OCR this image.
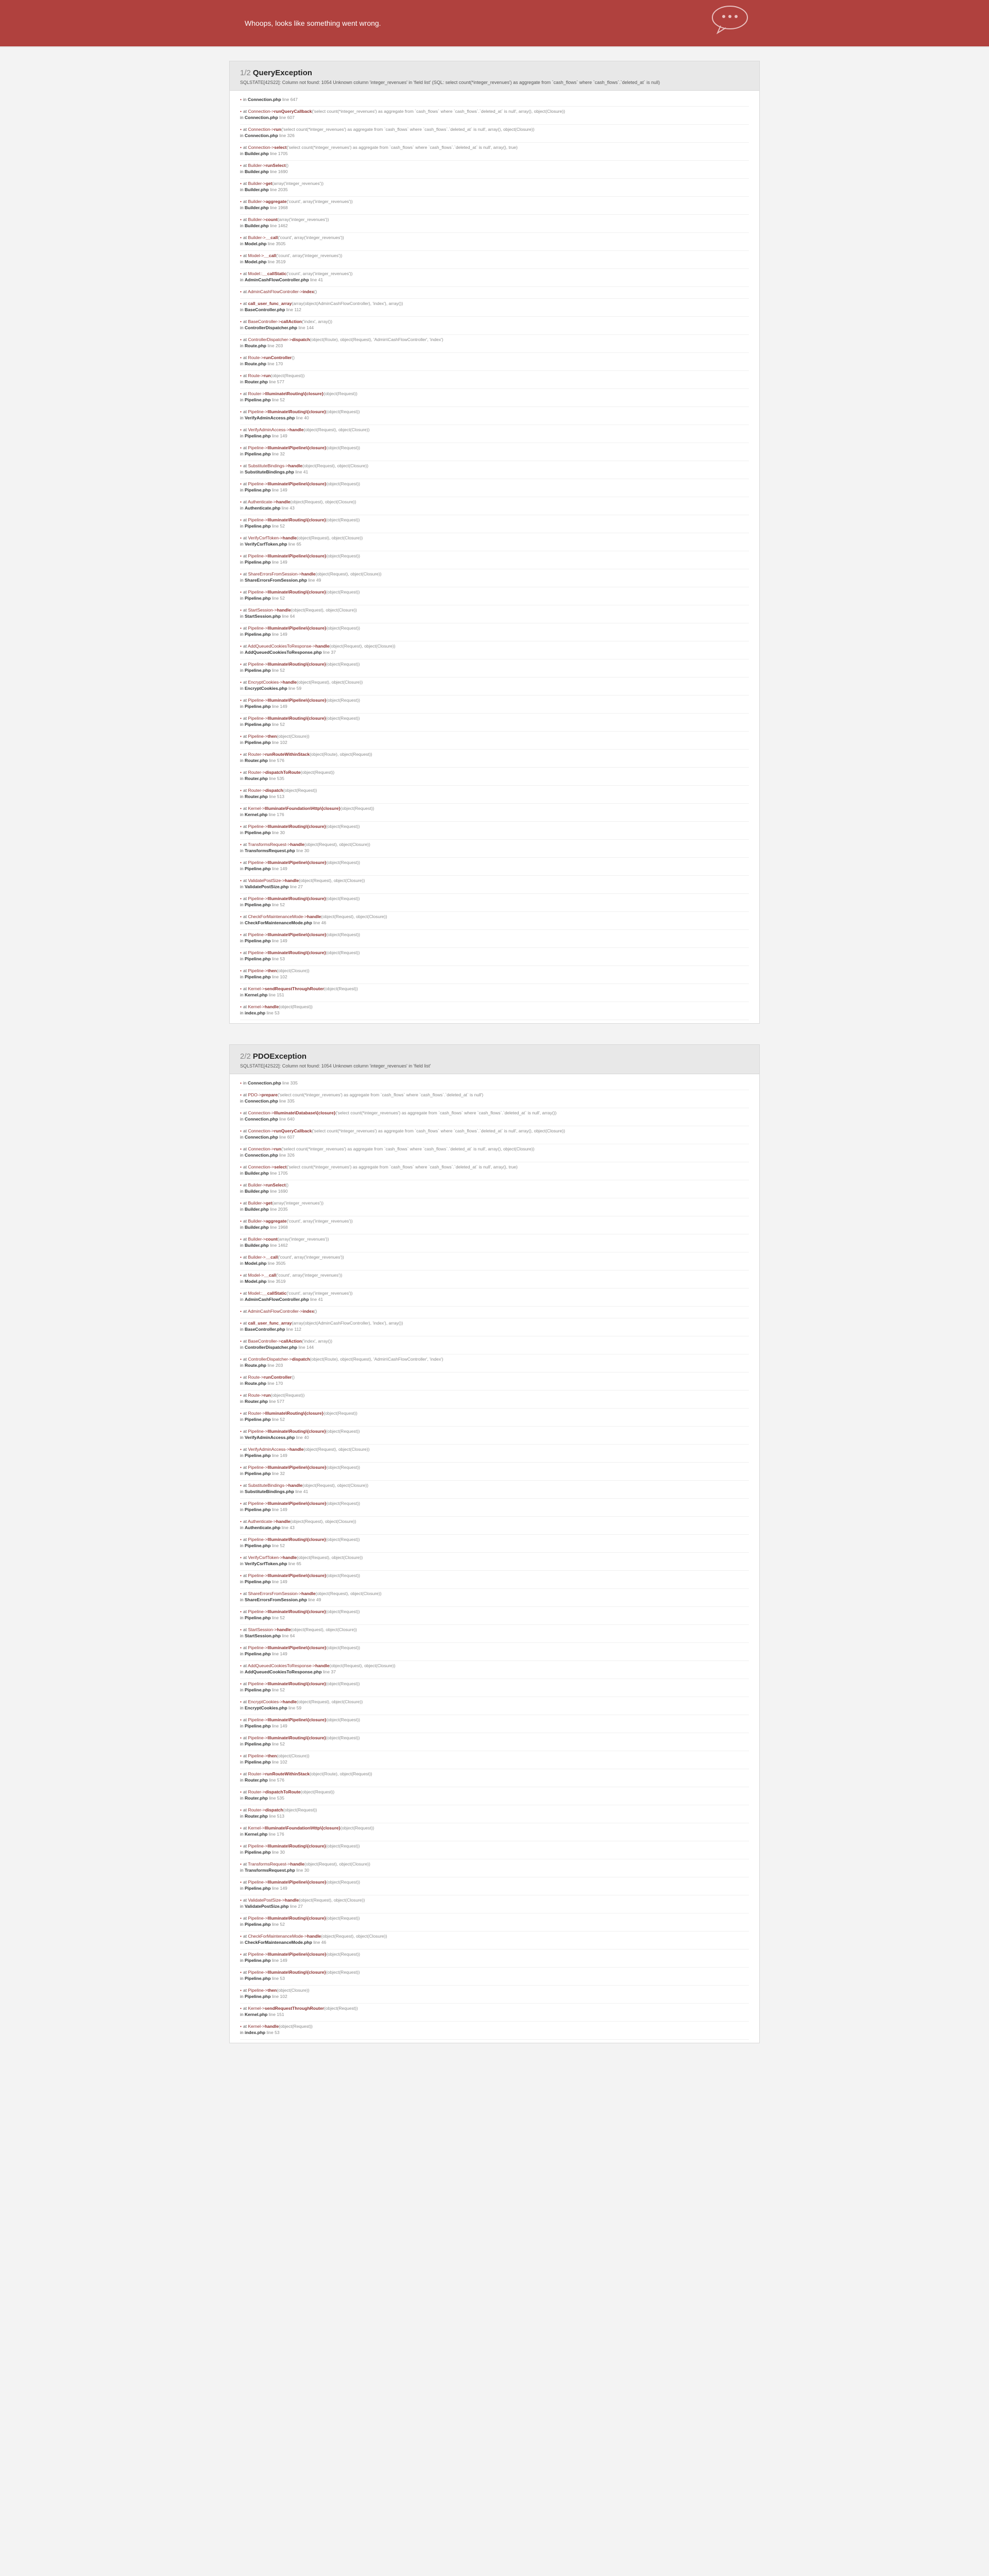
Whoops, looks like something went wrong.
1/2 QueryException

SQLSTATE[42S22]: Column not found: 1054 Unknown column 'integer_revenues' in 'field list' (SQL: select count(*integer_revenues') as aggregate from `cash_flows` where `cash_flows`.`deleted_at` is null)

• in Connection.php line 647
• at Connection->runQueryCallback('select count(*integer_revenues') as aggregate from `cash_flows` where `cash_flows`.`deleted_at` is null', array(), object(Closure))
in Connection.php line 607
• at Connection->run('select count(*integer_revenues') as aggregate from `cash_flows` where `cash_flows`.`deleted_at` is null', array(), object(Closure))
in Connection.php line 326
• at Connection->select('select count(*integer_revenues') as aggregate from `cash_flows` where `cash_flows`.`deleted_at` is null', array(), true)
in Builder.php line 1705
• at Builder->runSelect()
in Builder.php line 1690
• at Builder->get(array('integer_revenues'))
in Builder.php line 2035
• at Builder->aggregate('count', array('integer_revenues'))
in Builder.php line 1968
• at Builder->count(array('integer_revenues'))
in Builder.php line 1462
• at Builder->__call('count', array('integer_revenues'))
in Model.php line 3505
• at Model->__call('count', array('integer_revenues'))
in Model.php line 3519
• at Model::__callStatic('count', array('integer_revenues'))
in AdminCashFlowController.php line 41
• at AdminCashFlowController->index()
• at call_user_func_array(array(object(AdminCashFlowController), 'index'), array())
in BaseController.php line 112
• at BaseController->callAction('index', array())
in ControllerDispatcher.php line 144
• at ControllerDispatcher->dispatch(object(Route), object(Request), 'Admin\CashFlowController', 'index')
in Route.php line 203
• at Route->runController()
in Route.php line 170
• at Route->run(object(Request))
in Router.php line 577
• at Router->Illuminate\Routing\{closure}(object(Request))
in Pipeline.php line 52
• at Pipeline->Illuminate\Routing\{closure}(object(Request))
in VerifyAdminAccess.php line 40
• at VerifyAdminAccess->handle(object(Request), object(Closure))
in Pipeline.php line 149
• at Pipeline->Illuminate\Pipeline\{closure}(object(Request))
in Pipeline.php line 32
• at SubstituteBindings->handle(object(Request), object(Closure))
in SubstituteBindings.php line 41
• at Pipeline->Illuminate\Pipeline\{closure}(object(Request))
in Pipeline.php line 149
• at Authenticate->handle(object(Request), object(Closure))
in Authenticate.php line 43
• at Pipeline->Illuminate\Routing\{closure}(object(Request))
in Pipeline.php line 52
• at VerifyCsrfToken->handle(object(Request), object(Closure))
in VerifyCsrfToken.php line 65
• at Pipeline->Illuminate\Pipeline\{closure}(object(Request))
in Pipeline.php line 149
• at ShareErrorsFromSession->handle(object(Request), object(Closure))
in ShareErrorsFromSession.php line 49
• at Pipeline->Illuminate\Routing\{closure}(object(Request))
in Pipeline.php line 52
• at StartSession->handle(object(Request), object(Closure))
in StartSession.php line 64
• at Pipeline->Illuminate\Pipeline\{closure}(object(Request))
in Pipeline.php line 149
• at AddQueuedCookiesToResponse->handle(object(Request), object(Closure))
in AddQueuedCookiesToResponse.php line 37
• at Pipeline->Illuminate\Routing\{closure}(object(Request))
in Pipeline.php line 52
• at EncryptCookies->handle(object(Request), object(Closure))
in EncryptCookies.php line 59
• at Pipeline->Illuminate\Pipeline\{closure}(object(Request))
in Pipeline.php line 149
• at Pipeline->Illuminate\Routing\{closure}(object(Request))
in Pipeline.php line 52
• at Pipeline->then(object(Closure))
in Pipeline.php line 102
• at Router->runRouteWithinStack(object(Route), object(Request))
in Router.php line 576
• at Router->dispatchToRoute(object(Request))
in Router.php line 535
• at Router->dispatch(object(Request))
in Router.php line 513
• at Kernel->Illuminate\Foundation\Http\{closure}(object(Request))
in Kernel.php line 176
• at Pipeline->Illuminate\Routing\{closure}(object(Request))
in Pipeline.php line 30
• at TransformsRequest->handle(object(Request), object(Closure))
in TransformsRequest.php line 30
• at Pipeline->Illuminate\Pipeline\{closure}(object(Request))
in Pipeline.php line 149
• at ValidatePostSize->handle(object(Request), object(Closure))
in ValidatePostSize.php line 27
• at Pipeline->Illuminate\Routing\{closure}(object(Request))
in Pipeline.php line 52
• at CheckForMaintenanceMode->handle(object(Request), object(Closure))
in CheckForMaintenanceMode.php line 46
• at Pipeline->Illuminate\Pipeline\{closure}(object(Request))
in Pipeline.php line 149
• at Pipeline->Illuminate\Routing\{closure}(object(Request))
in Pipeline.php line 53
• at Pipeline->then(object(Closure))
in Pipeline.php line 102
• at Kernel->sendRequestThroughRouter(object(Request))
in Kernel.php line 151
• at Kernel->handle(object(Request))
in index.php line 53
2/2 PDOException

SQLSTATE[42S22]: Column not found: 1054 Unknown column 'integer_revenues' in 'field list'

• in Connection.php line 335
• at PDO->prepare('select count(*integer_revenues') as aggregate from `cash_flows` where `cash_flows`.`deleted_at` is null')
in Connection.php line 335
• at Connection->Illuminate\Database\{closure}('select count(*integer_revenues') as aggregate from `cash_flows` where `cash_flows`.`deleted_at` is null', array())
in Connection.php line 640
• at Connection->runQueryCallback('select count(*integer_revenues') as aggregate from `cash_flows` where `cash_flows`.`deleted_at` is null', array(), object(Closure))
in Connection.php line 607
• at Connection->run('select count(*integer_revenues') as aggregate from `cash_flows` where `cash_flows`.`deleted_at` is null', array(), object(Closure))
in Connection.php line 326
• at Connection->select('select count(*integer_revenues') as aggregate from `cash_flows` where `cash_flows`.`deleted_at` is null', array(), true)
in Builder.php line 1705
• at Builder->runSelect()
in Builder.php line 1690
• at Builder->get(array('integer_revenues'))
in Builder.php line 2035
• at Builder->aggregate('count', array('integer_revenues'))
in Builder.php line 1968
• at Builder->count(array('integer_revenues'))
in Builder.php line 1462
• at Builder->__call('count', array('integer_revenues'))
in Model.php line 3505
• at Model->__call('count', array('integer_revenues'))
in Model.php line 3519
• at Model::__callStatic('count', array('integer_revenues'))
in AdminCashFlowController.php line 41
• at AdminCashFlowController->index()
• at call_user_func_array(array(object(AdminCashFlowController), 'index'), array())
in BaseController.php line 112
• at BaseController->callAction('index', array())
in ControllerDispatcher.php line 144
• at ControllerDispatcher->dispatch(object(Route), object(Request), 'Admin\CashFlowController', 'index')
in Route.php line 203
• at Route->runController()
in Route.php line 170
• at Route->run(object(Request))
in Router.php line 577
• at Router->Illuminate\Routing\{closure}(object(Request))
in Pipeline.php line 52
• at Pipeline->Illuminate\Routing\{closure}(object(Request))
in VerifyAdminAccess.php line 40
• at VerifyAdminAccess->handle(object(Request), object(Closure))
in Pipeline.php line 149
• at Pipeline->Illuminate\Pipeline\{closure}(object(Request))
in Pipeline.php line 32
• at SubstituteBindings->handle(object(Request), object(Closure))
in SubstituteBindings.php line 41
• at Pipeline->Illuminate\Pipeline\{closure}(object(Request))
in Pipeline.php line 149
• at Authenticate->handle(object(Request), object(Closure))
in Authenticate.php line 43
• at Pipeline->Illuminate\Routing\{closure}(object(Request))
in Pipeline.php line 52
• at VerifyCsrfToken->handle(object(Request), object(Closure))
in VerifyCsrfToken.php line 65
• at Pipeline->Illuminate\Pipeline\{closure}(object(Request))
in Pipeline.php line 149
• at ShareErrorsFromSession->handle(object(Request), object(Closure))
in ShareErrorsFromSession.php line 49
• at Pipeline->Illuminate\Routing\{closure}(object(Request))
in Pipeline.php line 52
• at StartSession->handle(object(Request), object(Closure))
in StartSession.php line 64
• at Pipeline->Illuminate\Pipeline\{closure}(object(Request))
in Pipeline.php line 149
• at AddQueuedCookiesToResponse->handle(object(Request), object(Closure))
in AddQueuedCookiesToResponse.php line 37
• at Pipeline->Illuminate\Routing\{closure}(object(Request))
in Pipeline.php line 52
• at EncryptCookies->handle(object(Request), object(Closure))
in EncryptCookies.php line 59
• at Pipeline->Illuminate\Pipeline\{closure}(object(Request))
in Pipeline.php line 149
• at Pipeline->Illuminate\Routing\{closure}(object(Request))
in Pipeline.php line 52
• at Pipeline->then(object(Closure))
in Pipeline.php line 102
• at Router->runRouteWithinStack(object(Route), object(Request))
in Router.php line 576
• at Router->dispatchToRoute(object(Request))
in Router.php line 535
• at Router->dispatch(object(Request))
in Router.php line 513
• at Kernel->Illuminate\Foundation\Http\{closure}(object(Request))
in Kernel.php line 176
• at Pipeline->Illuminate\Routing\{closure}(object(Request))
in Pipeline.php line 30
• at TransformsRequest->handle(object(Request), object(Closure))
in TransformsRequest.php line 30
• at Pipeline->Illuminate\Pipeline\{closure}(object(Request))
in Pipeline.php line 149
• at ValidatePostSize->handle(object(Request), object(Closure))
in ValidatePostSize.php line 27
• at Pipeline->Illuminate\Routing\{closure}(object(Request))
in Pipeline.php line 52
• at CheckForMaintenanceMode->handle(object(Request), object(Closure))
in CheckForMaintenanceMode.php line 46
• at Pipeline->Illuminate\Pipeline\{closure}(object(Request))
in Pipeline.php line 149
• at Pipeline->Illuminate\Routing\{closure}(object(Request))
in Pipeline.php line 53
• at Pipeline->then(object(Closure))
in Pipeline.php line 102
• at Kernel->sendRequestThroughRouter(object(Request))
in Kernel.php line 151
• at Kernel->handle(object(Request))
in index.php line 53
